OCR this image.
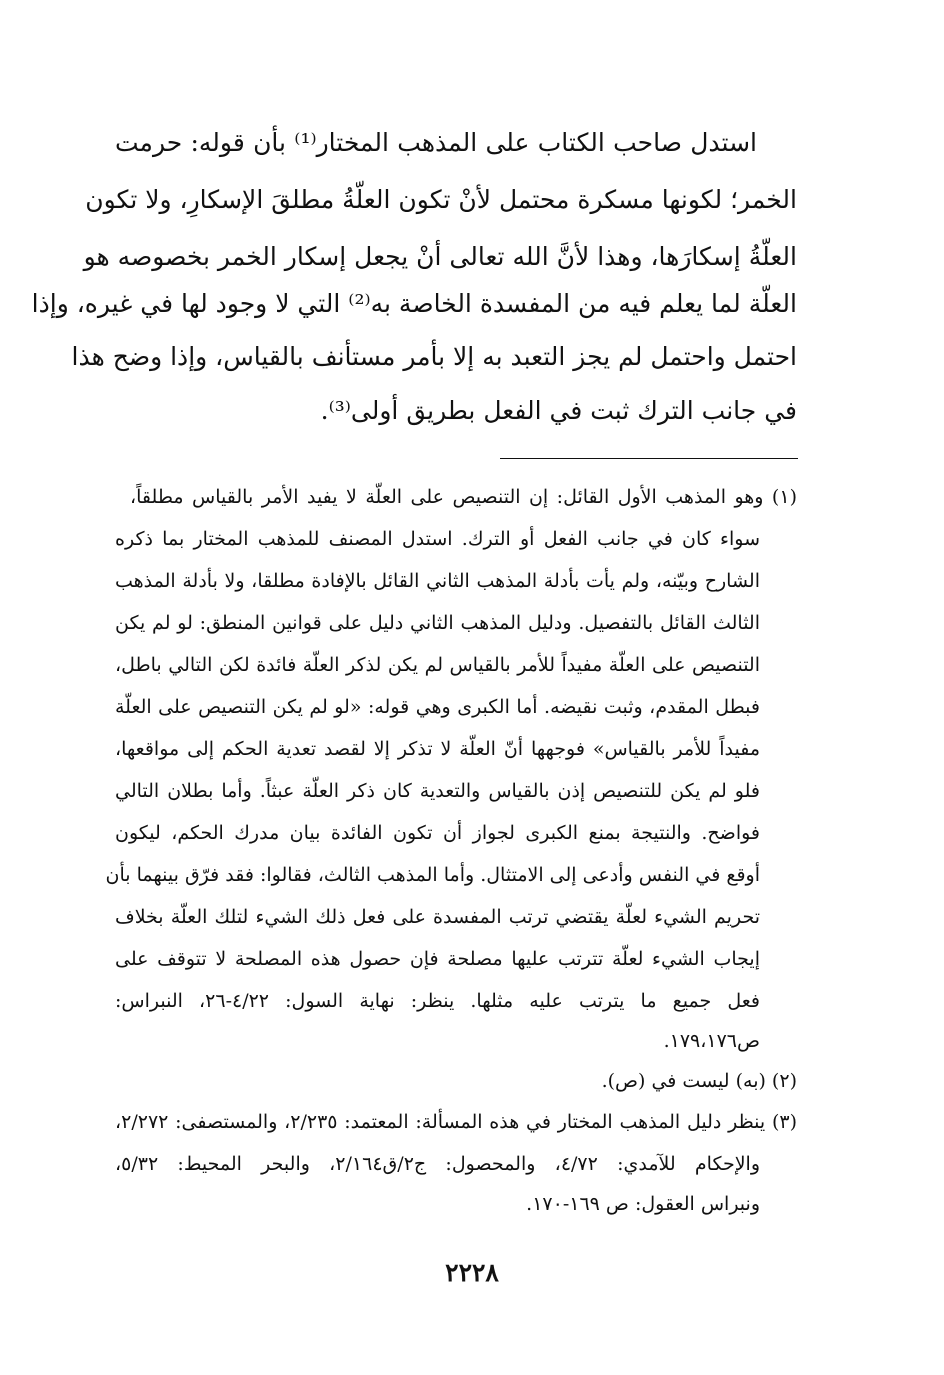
استدل صاحب الكتاب على المذهب المختار⁽¹⁾ بأن قوله: حرمت
الخمر؛ لكونها مسكرة محتمل لأنْ تكون العلّةُ مطلقَ الإسكارِ، ولا تكون
العلّةُ إسكارَها، وهذا لأنَّ الله تعالى أنْ يجعل إسكار الخمر بخصوصه هو
العلّة لما يعلم فيه من المفسدة الخاصة به⁽²⁾ التي لا وجود لها في غيره، وإذا
احتمل واحتمل لم يجز التعبد به إلا بأمر مستأنف بالقياس، وإذا وضح هذا
في جانب الترك ثبت في الفعل بطريق أولى⁽³⁾.
(١) وهو المذهب الأول القائل: إن التنصيص على العلّة لا يفيد الأمر بالقياس مطلقاً،
سواء كان في جانب الفعل أو الترك. استدل المصنف للمذهب المختار بما ذكره
الشارح وبيّنه، ولم يأت بأدلة المذهب الثاني القائل بالإفادة مطلقا، ولا بأدلة المذهب
الثالث القائل بالتفصيل. ودليل المذهب الثاني دليل على قوانين المنطق: لو لم يكن
التنصيص على العلّة مفيداً للأمر بالقياس لم يكن لذكر العلّة فائدة لكن التالي باطل،
فبطل المقدم، وثبت نقيضه. أما الكبرى وهي قوله: «لو لم يكن التنصيص على العلّة
مفيداً للأمر بالقياس» فوجهها أنّ العلّة لا تذكر إلا لقصد تعدية الحكم إلى مواقعها،
فلو لم يكن للتنصيص إذن بالقياس والتعدية كان ذكر العلّة عبثاً. وأما بطلان التالي
فواضح. والنتيجة بمنع الكبرى لجواز أن تكون الفائدة بيان مدرك الحكم، ليكون
أوقع في النفس وأدعى إلى الامتثال. وأما المذهب الثالث، فقالوا: فقد فرّق بينهما بأن
تحريم الشيء لعلّة يقتضي ترتب المفسدة على فعل ذلك الشيء لتلك العلّة بخلاف
إيجاب الشيء لعلّة تترتب عليها مصلحة فإن حصول هذه المصلحة لا تتوقف على
فعل جميع ما يترتب عليه مثلها. ينظر: نهاية السول: ٤/٢٢-٢٦، النبراس:
ص١٧٩،١٧٦.
(٢) (به) ليست في (ص).
(٣) ينظر دليل المذهب المختار في هذه المسألة: المعتمد: ٢/٢٣٥، والمستصفى: ٢/٢٧٢،
والإحكام للآمدي: ٤/٧٢، والمحصول: ج٢/ق٢/١٦٤، والبحر المحيط: ٥/٣٢،
ونبراس العقول: ص ١٦٩-١٧٠.
٢٢٢٨
